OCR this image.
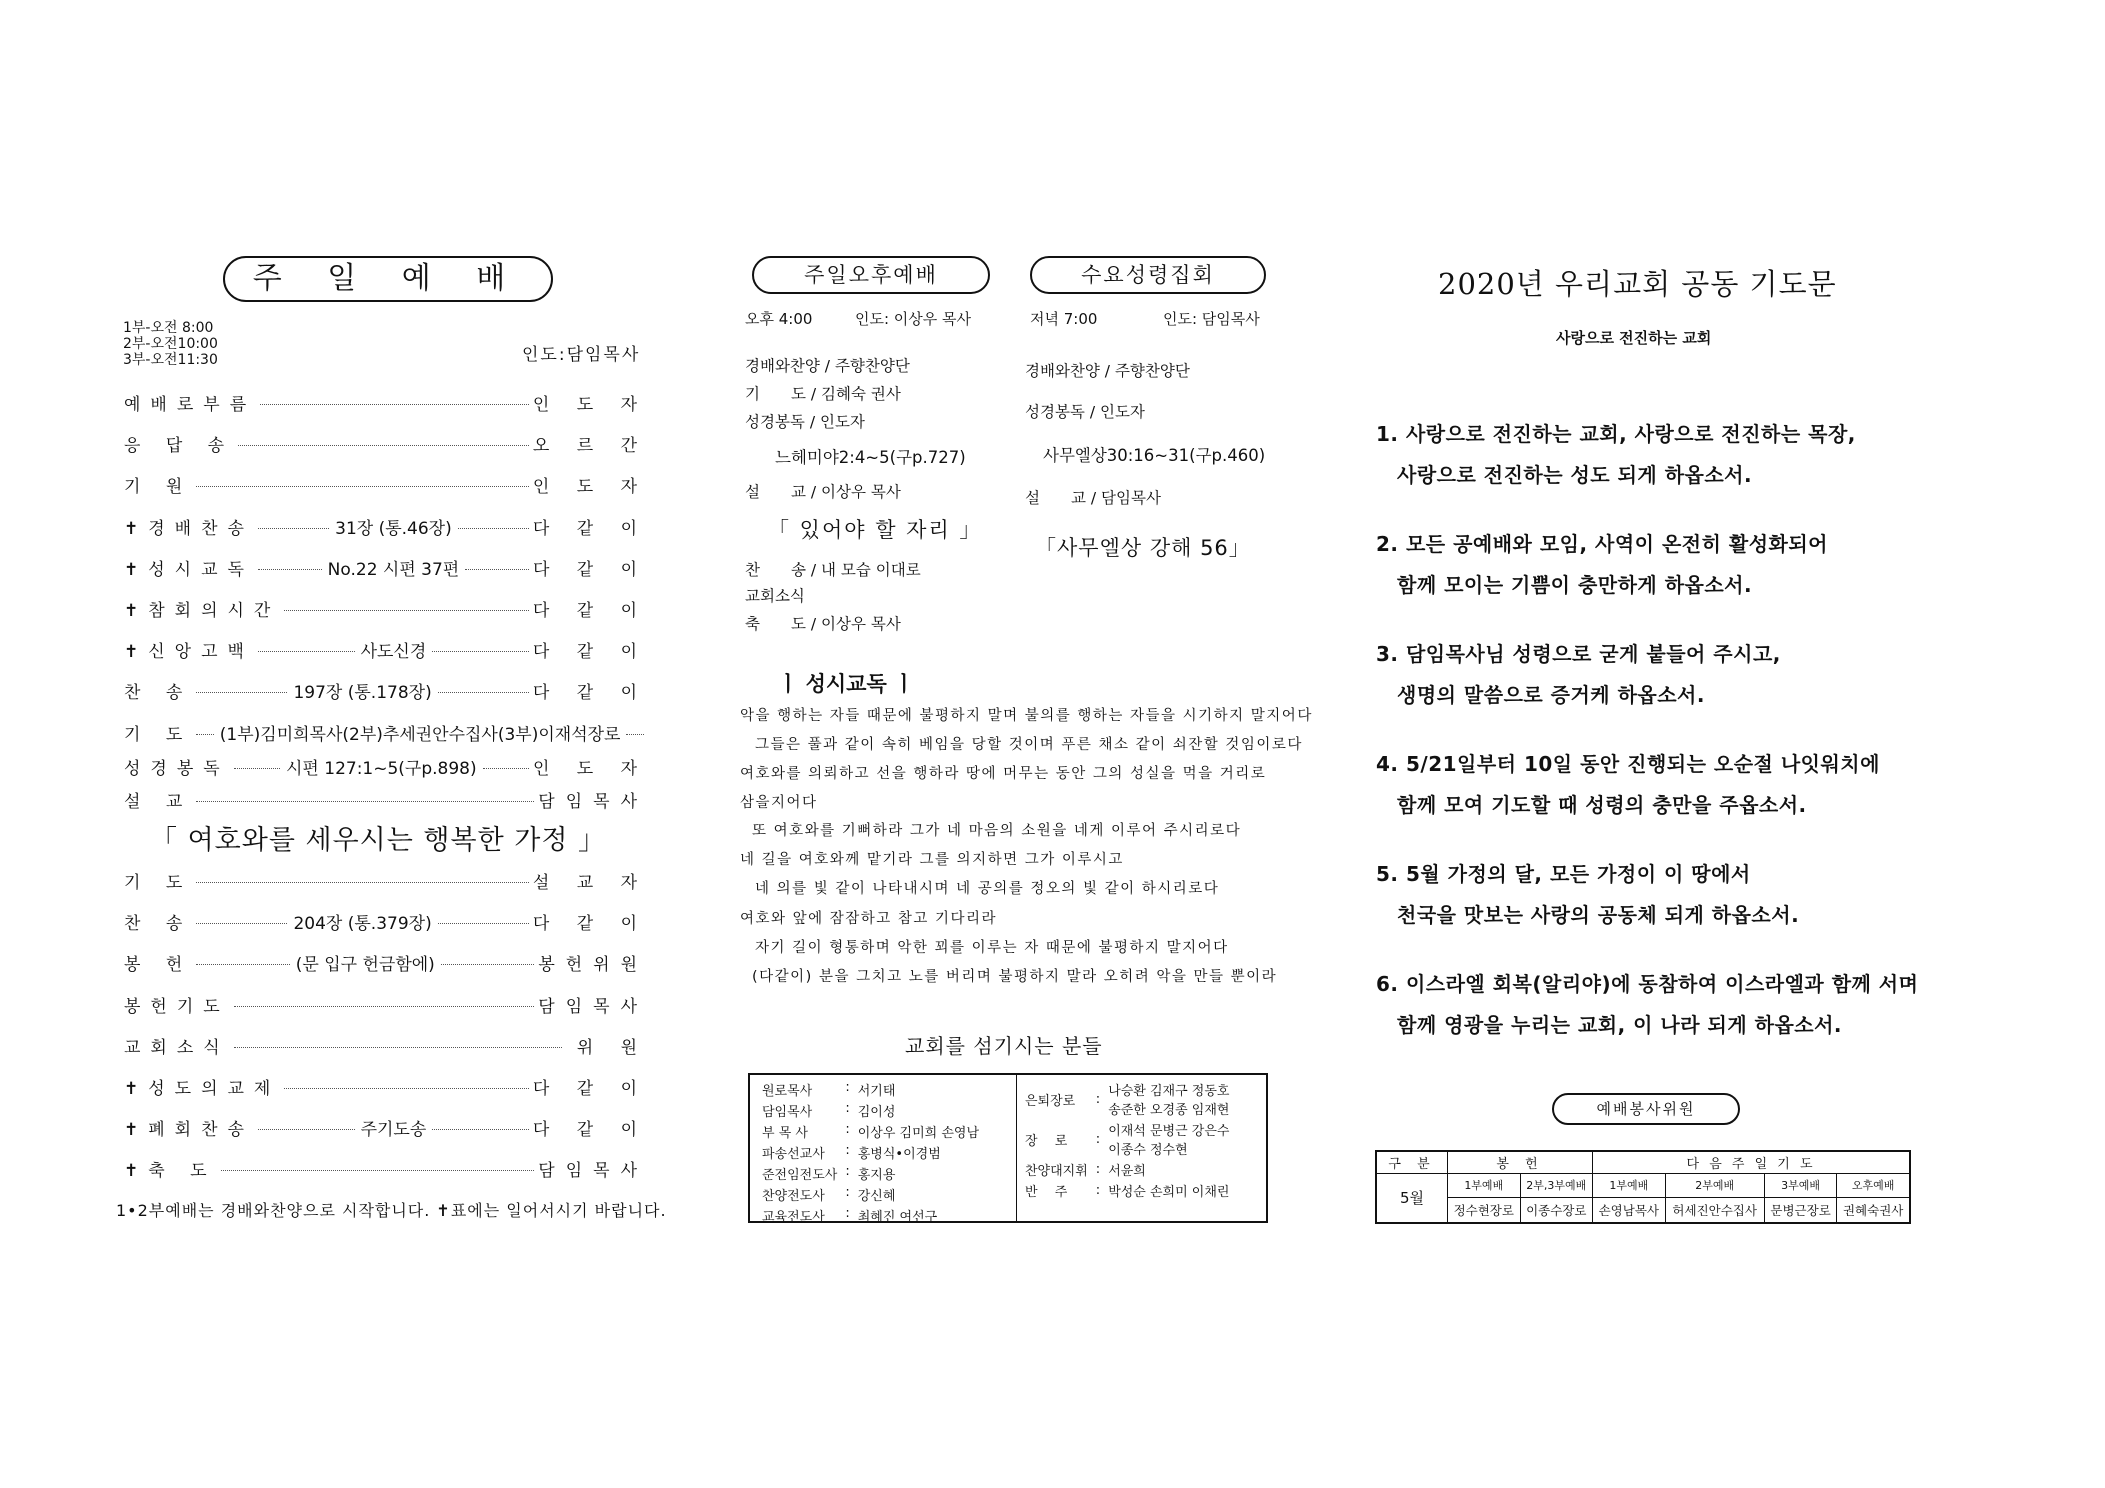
주 일 예 배
1부-오전 8:00
2부-오전10:00
3부-오전11:30	인도:담임목사
예배로부름	인 도 자
응 답 송	오 르 간
기 원	인 도 자
✝경배찬송	31장 (통.46장)	다 같 이
✝성시교독	No.22 시편 37편	다 같 이
✝참회의시간	다 같 이
✝신앙고백	사도신경	다 같 이
찬 송	197장 (통.178장)	다 같 이
기 도 (1부)김미희목사(2부)추세권안수집사(3부)이재석장로
성경봉독	시편 127:1~5(구p.898)	인 도 자
설 교	담임목사
「 여호와를 세우시는 행복한 가정 」
기 도	설 교 자
찬 송	204장 (통.379장)	다 같 이
봉 헌	(문 입구 헌금함에)	봉헌위원
봉헌기도	담임목사
교회소식	위 원
✝성도의교제	다 같 이
✝폐회찬송	주기도송	다 같 이
✝축 도	담임목사
1•2부예배는 경배와찬양으로 시작합니다. ✝표에는 일어서시기 바랍니다.
주일오후예배
오후 4:00	인도: 이상우 목사
경배와찬양 / 주향찬양단
기　　도 / 김혜숙 권사
성경봉독 / 인도자
느헤미야2:4~5(구p.727)
설　　교 / 이상우 목사
「 있어야 할 자리 」
찬　　송 / 내 모습 이대로
교회소식
축　　도 / 이상우 목사
수요성령집회
저녁 7:00	인도: 담임목사
경배와찬양 / 주향찬양단
성경봉독 / 인도자
사무엘상30:16~31(구p.460)
설　　교 / 담임목사
「사무엘상 강해 56」
ㅣ 성시교독 ㅣ
악을 행하는 자들 때문에 불평하지 말며 불의를 행하는 자들을 시기하지 말지어다
그들은 풀과 같이 속히 베임을 당할 것이며 푸른 채소 같이 쇠잔할 것임이로다
여호와를 의뢰하고 선을 행하라 땅에 머무는 동안 그의 성실을 먹을 거리로
삼을지어다
또 여호와를 기뻐하라 그가 네 마음의 소원을 네게 이루어 주시리로다
네 길을 여호와께 맡기라 그를 의지하면 그가 이루시고
네 의를 빛 같이 나타내시며 네 공의를 정오의 빛 같이 하시리로다
여호와 앞에 잠잠하고 참고 기다리라
자기 길이 형통하며 악한 꾀를 이루는 자 때문에 불평하지 말지어다
(다같이) 분을 그치고 노를 버리며 불평하지 말라 오히려 악을 만들 뿐이라
교회를 섬기시는 분들
원로목사	:	서기태
담임목사	:	김이성
부 목 사	:	이상우 김미희 손영남
파송선교사	:	홍병식•이경범
준전임전도사	:	홍지용
찬양전도사	:	강신혜
교육전도사	:	최혜진 여선구
은퇴장로	:	나승환 김재구 정동호
송준한 오경종 임재현

장　 로	:	이재석 문병근 강은수
이종수 정수현

찬양대지휘	:	서윤희

반　 주	:	박성순 손희미 이채린
2020년 우리교회 공동 기도문
사랑으로 전진하는 교회
1. 사랑으로 전진하는 교회, 사랑으로 전진하는 목장,
사랑으로 전진하는 성도 되게 하옵소서.
2. 모든 공예배와 모임, 사역이 온전히 활성화되어
함께 모이는 기쁨이 충만하게 하옵소서.
3. 담임목사님 성령으로 굳게 붙들어 주시고,
생명의 말씀으로 증거케 하옵소서.
4. 5/21일부터 10일 동안 진행되는 오순절 나잇워치에
함께 모여 기도할 때 성령의 충만을 주옵소서.
5. 5월 가정의 달, 모든 가정이 이 땅에서
천국을 맛보는 사랑의 공동체 되게 하옵소서.
6. 이스라엘 회복(알리야)에 동참하여 이스라엘과 함께 서며
함께 영광을 누리는 교회, 이 나라 되게 하옵소서.
예배봉사위원
구 분	봉 헌		다 음 주 일 기 도			
5월	1부예배	2부,3부예배	1부예배	2부예배	3부예배	오후예배
	정수현장로	이종수장로	손영남목사	허세진안수집사	문병근장로	권혜숙권사
